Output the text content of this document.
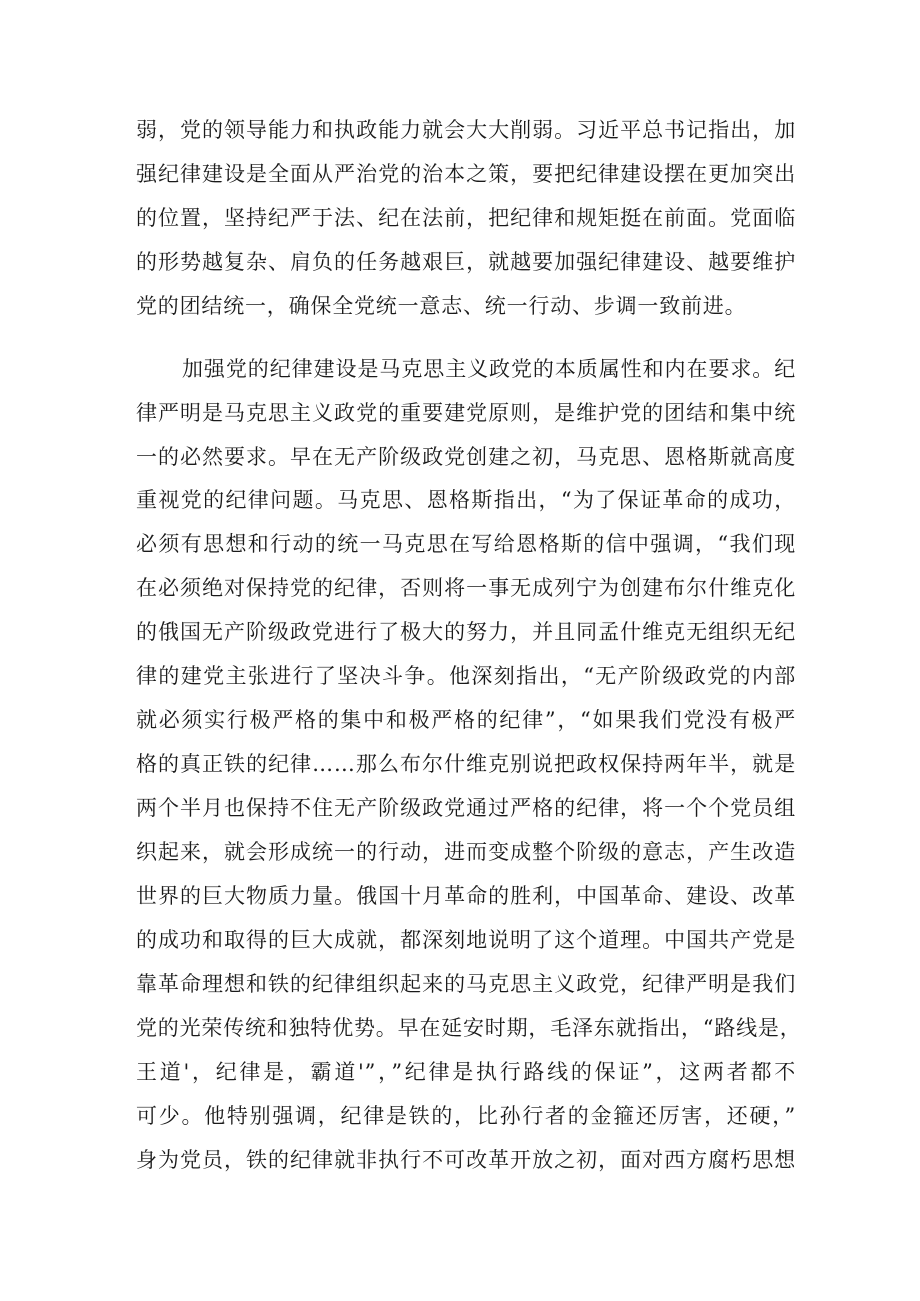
弱，党的领导能力和执政能力就会大大削弱。习近平总书记指出，加
强纪律建设是全面从严治党的治本之策，要把纪律建设摆在更加突出
的位置，坚持纪严于法、纪在法前，把纪律和规矩挺在前面。党面临
的形势越复杂、肩负的任务越艰巨，就越要加强纪律建设、越要维护
党的团结统一，确保全党统一意志、统一行动、步调一致前进。
加强党的纪律建设是马克思主义政党的本质属性和内在要求。纪
律严明是马克思主义政党的重要建党原则，是维护党的团结和集中统
一的必然要求。早在无产阶级政党创建之初，马克思、恩格斯就高度
重视党的纪律问题。马克思、恩格斯指出，“为了保证革命的成功，
必须有思想和行动的统一马克思在写给恩格斯的信中强调，“我们现
在必须绝对保持党的纪律，否则将一事无成列宁为创建布尔什维克化
的俄国无产阶级政党进行了极大的努力，并且同孟什维克无组织无纪
律的建党主张进行了坚决斗争。他深刻指出，“无产阶级政党的内部
就必须实行极严格的集中和极严格的纪律”，“如果我们党没有极严
格的真正铁的纪律……那么布尔什维克别说把政权保持两年半，就是
两个半月也保持不住无产阶级政党通过严格的纪律，将一个个党员组
织起来，就会形成统一的行动，进而变成整个阶级的意志，产生改造
世界的巨大物质力量。俄国十月革命的胜利，中国革命、建设、改革
的成功和取得的巨大成就，都深刻地说明了这个道理。中国共产党是
靠革命理想和铁的纪律组织起来的马克思主义政党，纪律严明是我们
党的光荣传统和独特优势。早在延安时期，毛泽东就指出，“路线是，
王道'，纪律是，霸道'”，”纪律是执行路线的保证”，这两者都不
可少。他特别强调，纪律是铁的，比孙行者的金箍还厉害，还硬，”
身为党员，铁的纪律就非执行不可改革开放之初，面对西方腐朽思想
